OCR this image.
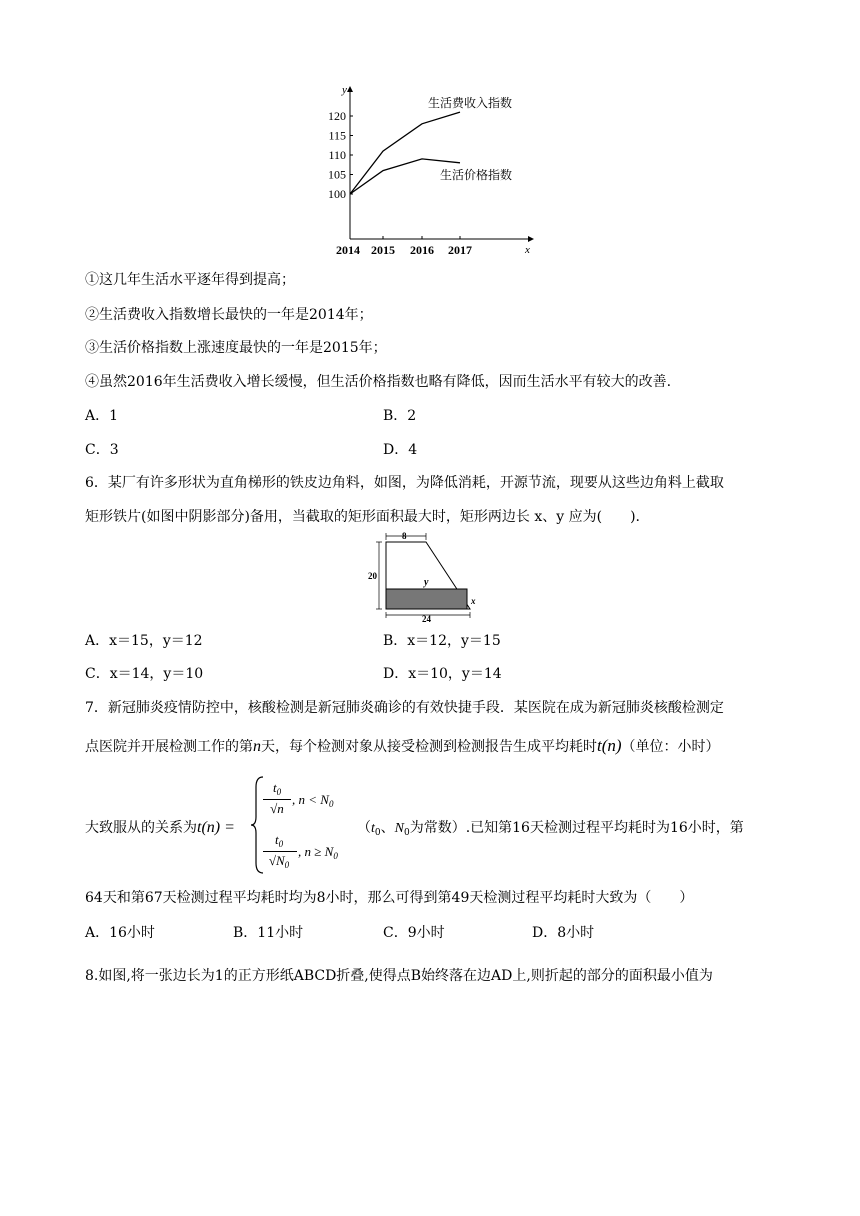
y
x
100
105
110
115
120
2014 2015 2016 2017
生活费收入指数
生活价格指数
①这几年生活水平逐年得到提高；
②生活费收入指数增长最快的一年是2014年；
③生活价格指数上涨速度最快的一年是2015年；
④虽然2016年生活费收入增长缓慢，但生活价格指数也略有降低，因而生活水平有较大的改善.
A．1	B．2
C．3	D．4
6．某厂有许多形状为直角梯形的铁皮边角料，如图，为降低消耗，开源节流，现要从这些边角料上截取
矩形铁片(如图中阴影部分)备用，当截取的矩形面积最大时，矩形两边长 x、y 应为(　　).
8
20
24
y
x
A．x＝15，y＝12	B．x＝12，y＝15
C．x＝14，y＝10	D．x＝10，y＝14
7．新冠肺炎疫情防控中，核酸检测是新冠肺炎确诊的有效快捷手段．某医院在成为新冠肺炎核酸检测定
点医院并开展检测工作的第n天，每个检测对象从接受检测到检测报告生成平均耗时t(n)（单位：小时）
大致服从的关系为t(n) =
$t_0$
√n
, $n < N_0$
$t_0$
$√N_0$
, $n \ge N_0$
（$t_0$、$N_0$为常数）.已知第16天检测过程平均耗时为16小时，第
64天和第67天检测过程平均耗时均为8小时，那么可得到第49天检测过程平均耗时大致为（　　）
A．16小时	B．11小时	C．9小时	D．8小时
8.如图,将一张边长为1的正方形纸ABCD折叠,使得点B始终落在边AD上,则折起的部分的面积最小值为
